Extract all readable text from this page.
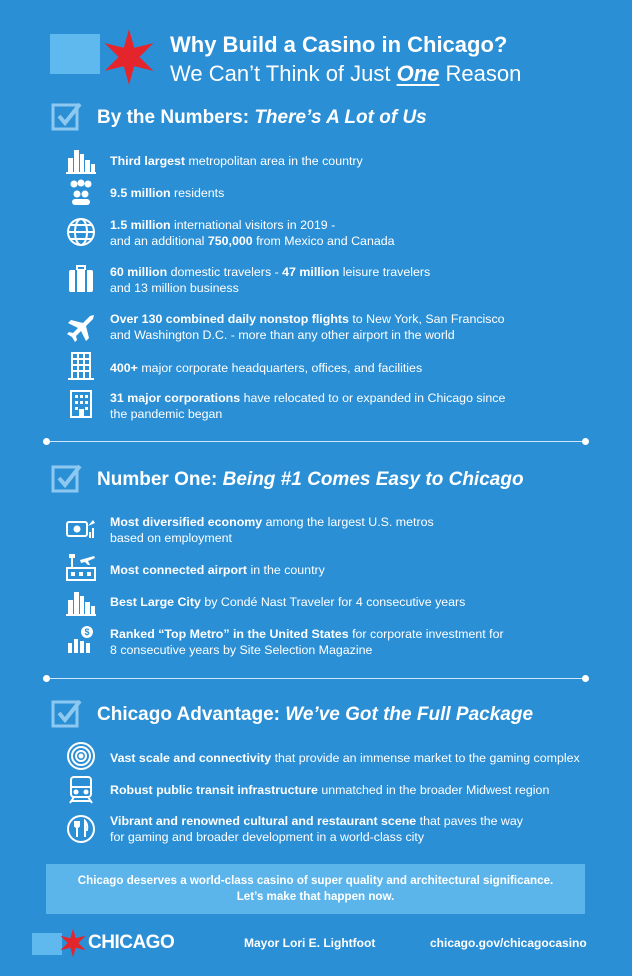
Why Build a Casino in Chicago?
We Can’t Think of Just One Reason
By the Numbers: There’s A Lot of Us
Third largest metropolitan area in the country
9.5 million residents
1.5 million international visitors in 2019 -
and an additional 750,000 from Mexico and Canada
60 million domestic travelers - 47 million leisure travelers
and 13 million business
Over 130 combined daily nonstop flights to New York, San Francisco
and Washington D.C. - more than any other airport in the world
400+ major corporate headquarters, offices, and facilities
31 major corporations have relocated to or expanded in Chicago since
the pandemic began
Number One: Being #1 Comes Easy to Chicago
Most diversified economy among the largest U.S. metros
based on employment
Most connected airport in the country
Best Large City by Condé Nast Traveler for 4 consecutive years
$ Ranked “Top Metro” in the United States for corporate investment for
8 consecutive years by Site Selection Magazine
Chicago Advantage: We’ve Got the Full Package
Vast scale and connectivity that provide an immense market to the gaming complex
Robust public transit infrastructure unmatched in the broader Midwest region
Vibrant and renowned cultural and restaurant scene that paves the way
for gaming and broader development in a world-class city
Chicago deserves a world-class casino of super quality and architectural significance.
Let’s make that happen now.
CHICAGO	Mayor Lori E. Lightfoot	chicago.gov/chicagocasino
